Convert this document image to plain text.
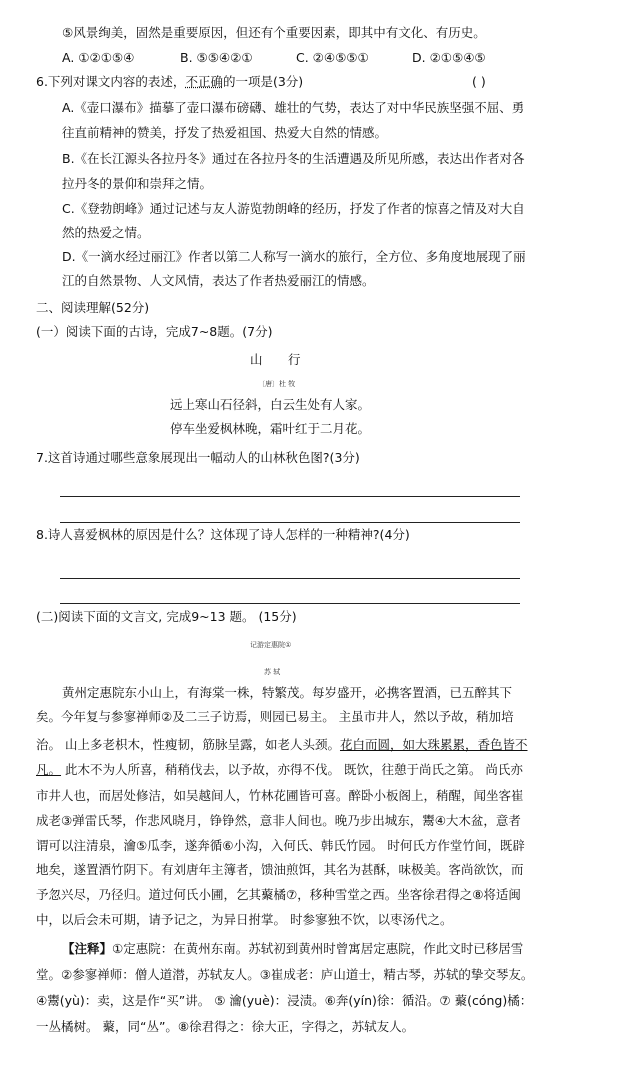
⑤风景绚美，固然是重要原因，但还有个重要因素，即其中有文化、有历史。
A. ①②①⑤④	B. ⑤⑤④②①	C. ②④⑤⑤①	D. ②①⑤④⑤
6.下列对课文内容的表述，不正确的一项是(3分)	( )
A.《壶口瀑布》描摹了壶口瀑布磅礴、雄壮的气势，表达了对中华民族坚强不屈、勇
往直前精神的赞美，抒发了热爱祖国、热爱大自然的情感。
B.《在长江源头各拉丹冬》通过在各拉丹冬的生活遭遇及所见所感，表达出作者对各
拉丹冬的景仰和崇拜之情。
C.《登勃朗峰》通过记述与友人游览勃朗峰的经历，抒发了作者的惊喜之情及对大自
然的热爱之情。
D.《一滴水经过丽江》作者以第二人称写一滴水的旅行，全方位、多角度地展现了丽
江的自然景物、人文风情，表达了作者热爱丽江的情感。
二、阅读理解(52分)
(一）阅读下面的古诗，完成7~8题。(7分)
山 行
〔唐〕杜 牧
远上寒山石径斜，白云生处有人家。
停车坐爱枫林晚，霜叶红于二月花。
7.这首诗通过哪些意象展现出一幅动人的山林秋色图?(3分)
8.诗人喜爱枫林的原因是什么？这体现了诗人怎样的一种精神?(4分)
(二)阅读下面的文言文, 完成9~13 题。 (15分)
记游定惠院①
苏 轼
黄州定惠院东小山上，有海棠一株，特繁茂。每岁盛开，必携客置酒，已五醉其下
矣。今年复与参寥禅师②及二三子访焉，则园已易主。 主虽市井人，然以予故，稍加培
治。 山上多老枳木，性瘦韧，筋脉呈露，如老人头颈。花白而圆，如大珠累累，香色皆不
凡。 此木不为人所喜，稍稍伐去，以予故，亦得不伐。 既饮，往憩于尚氏之第。 尚氏亦
市井人也，而居处修洁，如吴越间人，竹林花圃皆可喜。醉卧小板阁上，稍醒，闻坐客崔
成老③弹雷氏琴，作悲风晓月，铮铮然，意非人间也。晚乃步出城东，鬻④大木盆，意者
谓可以注清泉，瀹⑤瓜李，遂奔循⑥小沟，入何氏、韩氏竹园。 时何氏方作堂竹间，既辟
地矣，遂置酒竹阴下。有刘唐年主簿者，馈油煎饵，其名为甚酥，味极美。客尚欲饮，而
予忽兴尽，乃径归。道过何氏小圃，乞其藂橘⑦，移种雪堂之西。坐客徐君得之⑧将适闽
中，以后会未可期，请予记之，为异日拊掌。 时参寥独不饮，以枣汤代之。
【注释】①定惠院：在黄州东南。苏轼初到黄州时曾寓居定惠院，作此文时已移居雪
堂。②参寥禅师：僧人道潜，苏轼友人。③崔成老：庐山道士，精古琴，苏轼的挚交琴友。
④鬻(yù)：卖，这是作“买”讲。 ⑤ 瀹(yuè)：浸渍。⑥奔(yín)徐：循沿。⑦ 藂(cóng)橘：
一丛橘树。 藂，同“丛”。⑧徐君得之：徐大正，字得之，苏轼友人。
